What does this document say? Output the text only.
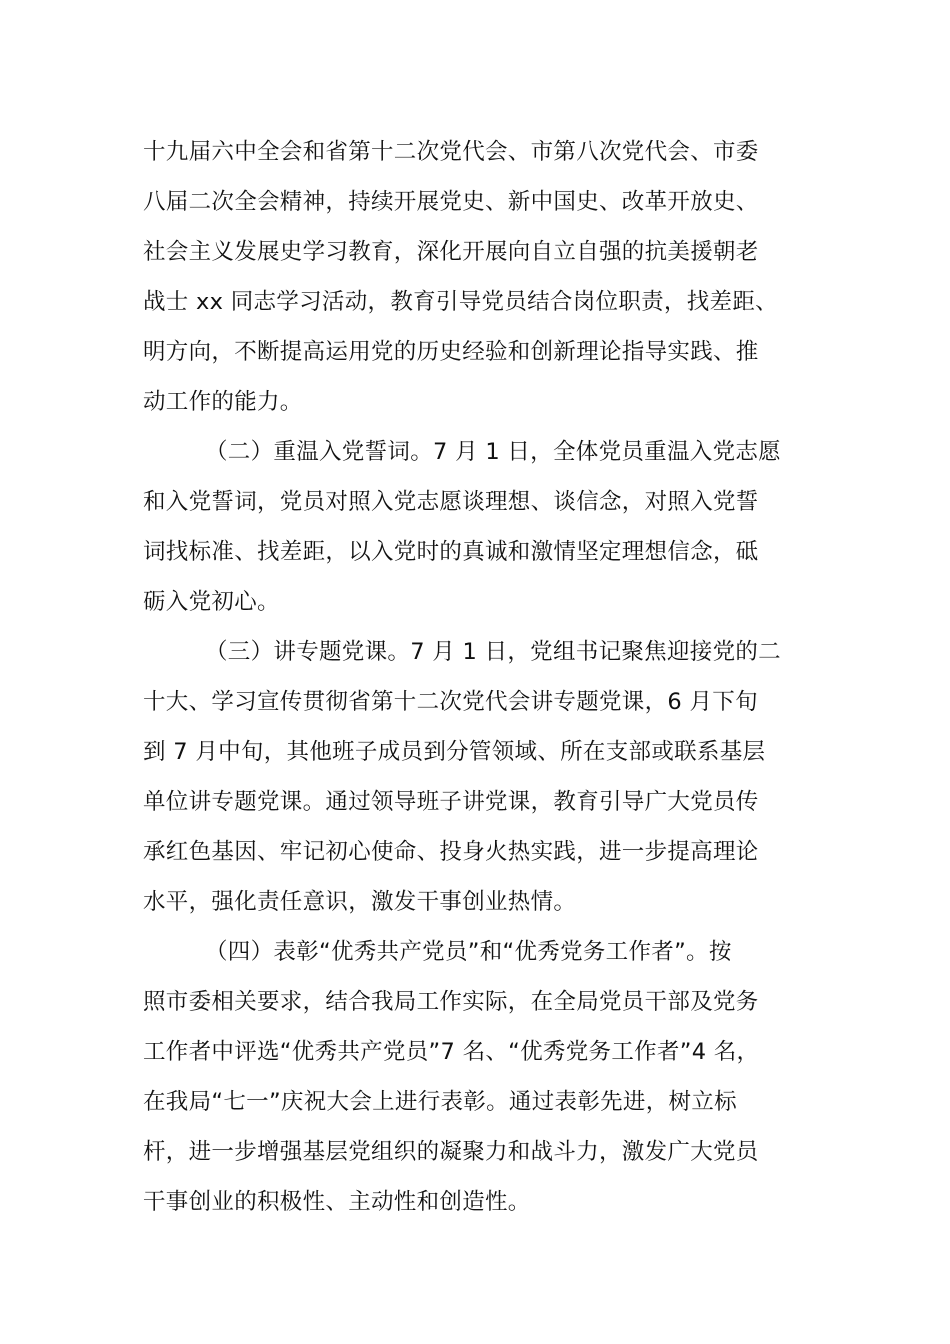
十九届六中全会和省第十二次党代会、市第八次党代会、市委
八届二次全会精神，持续开展党史、新中国史、改革开放史、
社会主义发展史学习教育，深化开展向自立自强的抗美援朝老
战士 xx 同志学习活动，教育引导党员结合岗位职责，找差距、
明方向，不断提高运用党的历史经验和创新理论指导实践、推
动工作的能力。
（二）重温入党誓词。7 月 1 日，全体党员重温入党志愿
和入党誓词，党员对照入党志愿谈理想、谈信念，对照入党誓
词找标准、找差距，以入党时的真诚和激情坚定理想信念，砥
砺入党初心。
（三）讲专题党课。7 月 1 日，党组书记聚焦迎接党的二
十大、学习宣传贯彻省第十二次党代会讲专题党课，6 月下旬
到 7 月中旬，其他班子成员到分管领域、所在支部或联系基层
单位讲专题党课。通过领导班子讲党课，教育引导广大党员传
承红色基因、牢记初心使命、投身火热实践，进一步提高理论
水平，强化责任意识，激发干事创业热情。
（四）表彰“优秀共产党员”和“优秀党务工作者”。按
照市委相关要求，结合我局工作实际，在全局党员干部及党务
工作者中评选“优秀共产党员”7 名、“优秀党务工作者”4 名，
在我局“七一”庆祝大会上进行表彰。通过表彰先进，树立标
杆，进一步增强基层党组织的凝聚力和战斗力，激发广大党员
干事创业的积极性、主动性和创造性。
